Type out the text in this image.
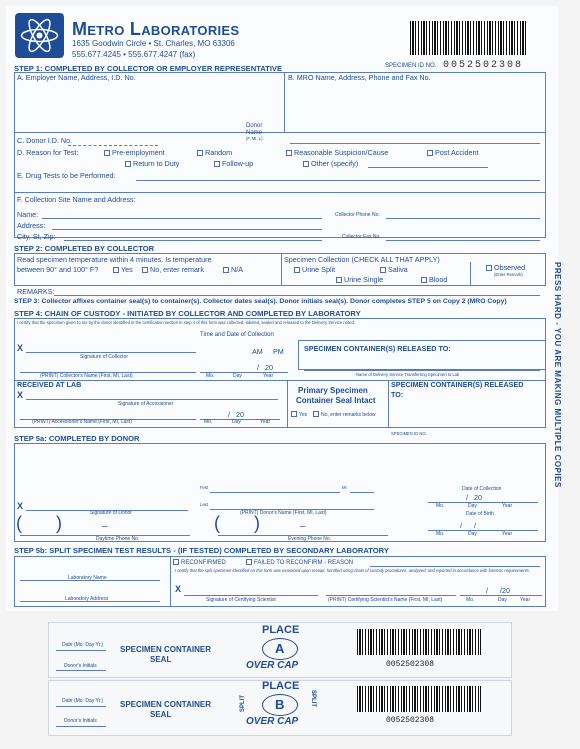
Metro Laboratories
1635 Goodwin Circle • St. Charles, MO 63306
555.677.4245 • 555.677.4247 (fax)
SPECIMEN ID NO. 0052502308
PRESS HARD - YOU ARE MAKING MULTIPLE COPIES
STEP 1: COMPLETED BY COLLECTOR OR EMPLOYER REPRESENTATIVE
A. Employer Name, Address, I.D. No.	B. MRO Name, Address, Phone and Fax No.
C. Donor I.D. No.
Donor
Name
(F, MI, L)
D. Reason for Test:	Pre-employment	Random	Reasonable Suspicion/Cause	Post Accident
Return to Duty	Follow-up	Other (specify)
E. Drug Tests to be Performed:
F. Collection Site Name and Address:
Name:	Collector Phone No.
Address:
City, St, Zip:	Collector Fax No.
STEP 2: COMPLETED BY COLLECTOR
Read specimen temperature within 4 minutes. Is temperature
between 90° and 100° F?	Yes	No, enter remark	N/A
Specimen Collection (CHECK ALL THAT APPLY)
Urine Split	Saliva
Urine Single	Blood
Observed
(Enter Remark)
REMARKS:
STEP 3: Collector affixes container seal(s) to container(s). Collector dates seal(s). Donor initials seal(s). Donor completes STEP 5 on Copy 2 (MRO Copy)
STEP 4: CHAIN OF CUSTODY - INITIATED BY COLLECTOR AND COMPLETED BY LABORATORY
I certify that the specimen given to me by the donor identified in the certification section in step 4 of this form was collected, labeled, sealed and released to the Delivery Service noted.
Time and Date of Collection
AM PM
X
Signature of Collector
(PRINT) Collector's Name (First, MI, Last)
/ 20
Mo.	Day	Year
SPECIMEN CONTAINER(S) RELEASED TO:
Name of Delivery Service Transferring Specimen to Lab
RECEIVED AT LAB
X
Signature of Accessioner
(PRINT) Accessioner's Name (First, MI, Last)
/ 20
Mo.	Day	Year
Primary Specimen
Container Seal Intact
Yes	No, enter remarks below
SPECIMEN CONTAINER(S) RELEASED
TO:
SPECIMEN ID NO.
STEP 5a: COMPLETED BY DONOR
First	MI
Last
X
Signature of Donor	(PRINT) Donor's Name (First, MI, Last)
Date of Collection
/ 20
Mo.	Day	Year
Date of Birth
/ /
Mo.	Day	Year
( )	–
Daytime Phone No.
( )	–
Evening Phone No.
STEP 5b: SPLIT SPECIMEN TEST RESULTS - (IF TESTED) COMPLETED BY SECONDARY LABORATORY
Laboratory Name
Laboratory Address
RECONFIRMED	FAILED TO RECONFIRM - REASON
I certify that the split specimen identified on this form was examined upon receipt, handled using chain of custody procedures, analyzed, and reported in accordance with forensic requirements.
X
Signature of Certifying Scientist	(PRINT) Certifying Scientist's Name (First, MI, Last)
/ /20
Mo.	Day	Year
Date (Mo. Day Yr.)
Donor's Initials
SPECIMEN CONTAINER
SEAL
PLACE
A
OVER CAP	0052502308
Date (Mo. Day Yr.)
Donor's Initials
SPECIMEN CONTAINER
SEAL
PLACE
B
OVER CAP
SPLIT	SPLIT
0052502308
